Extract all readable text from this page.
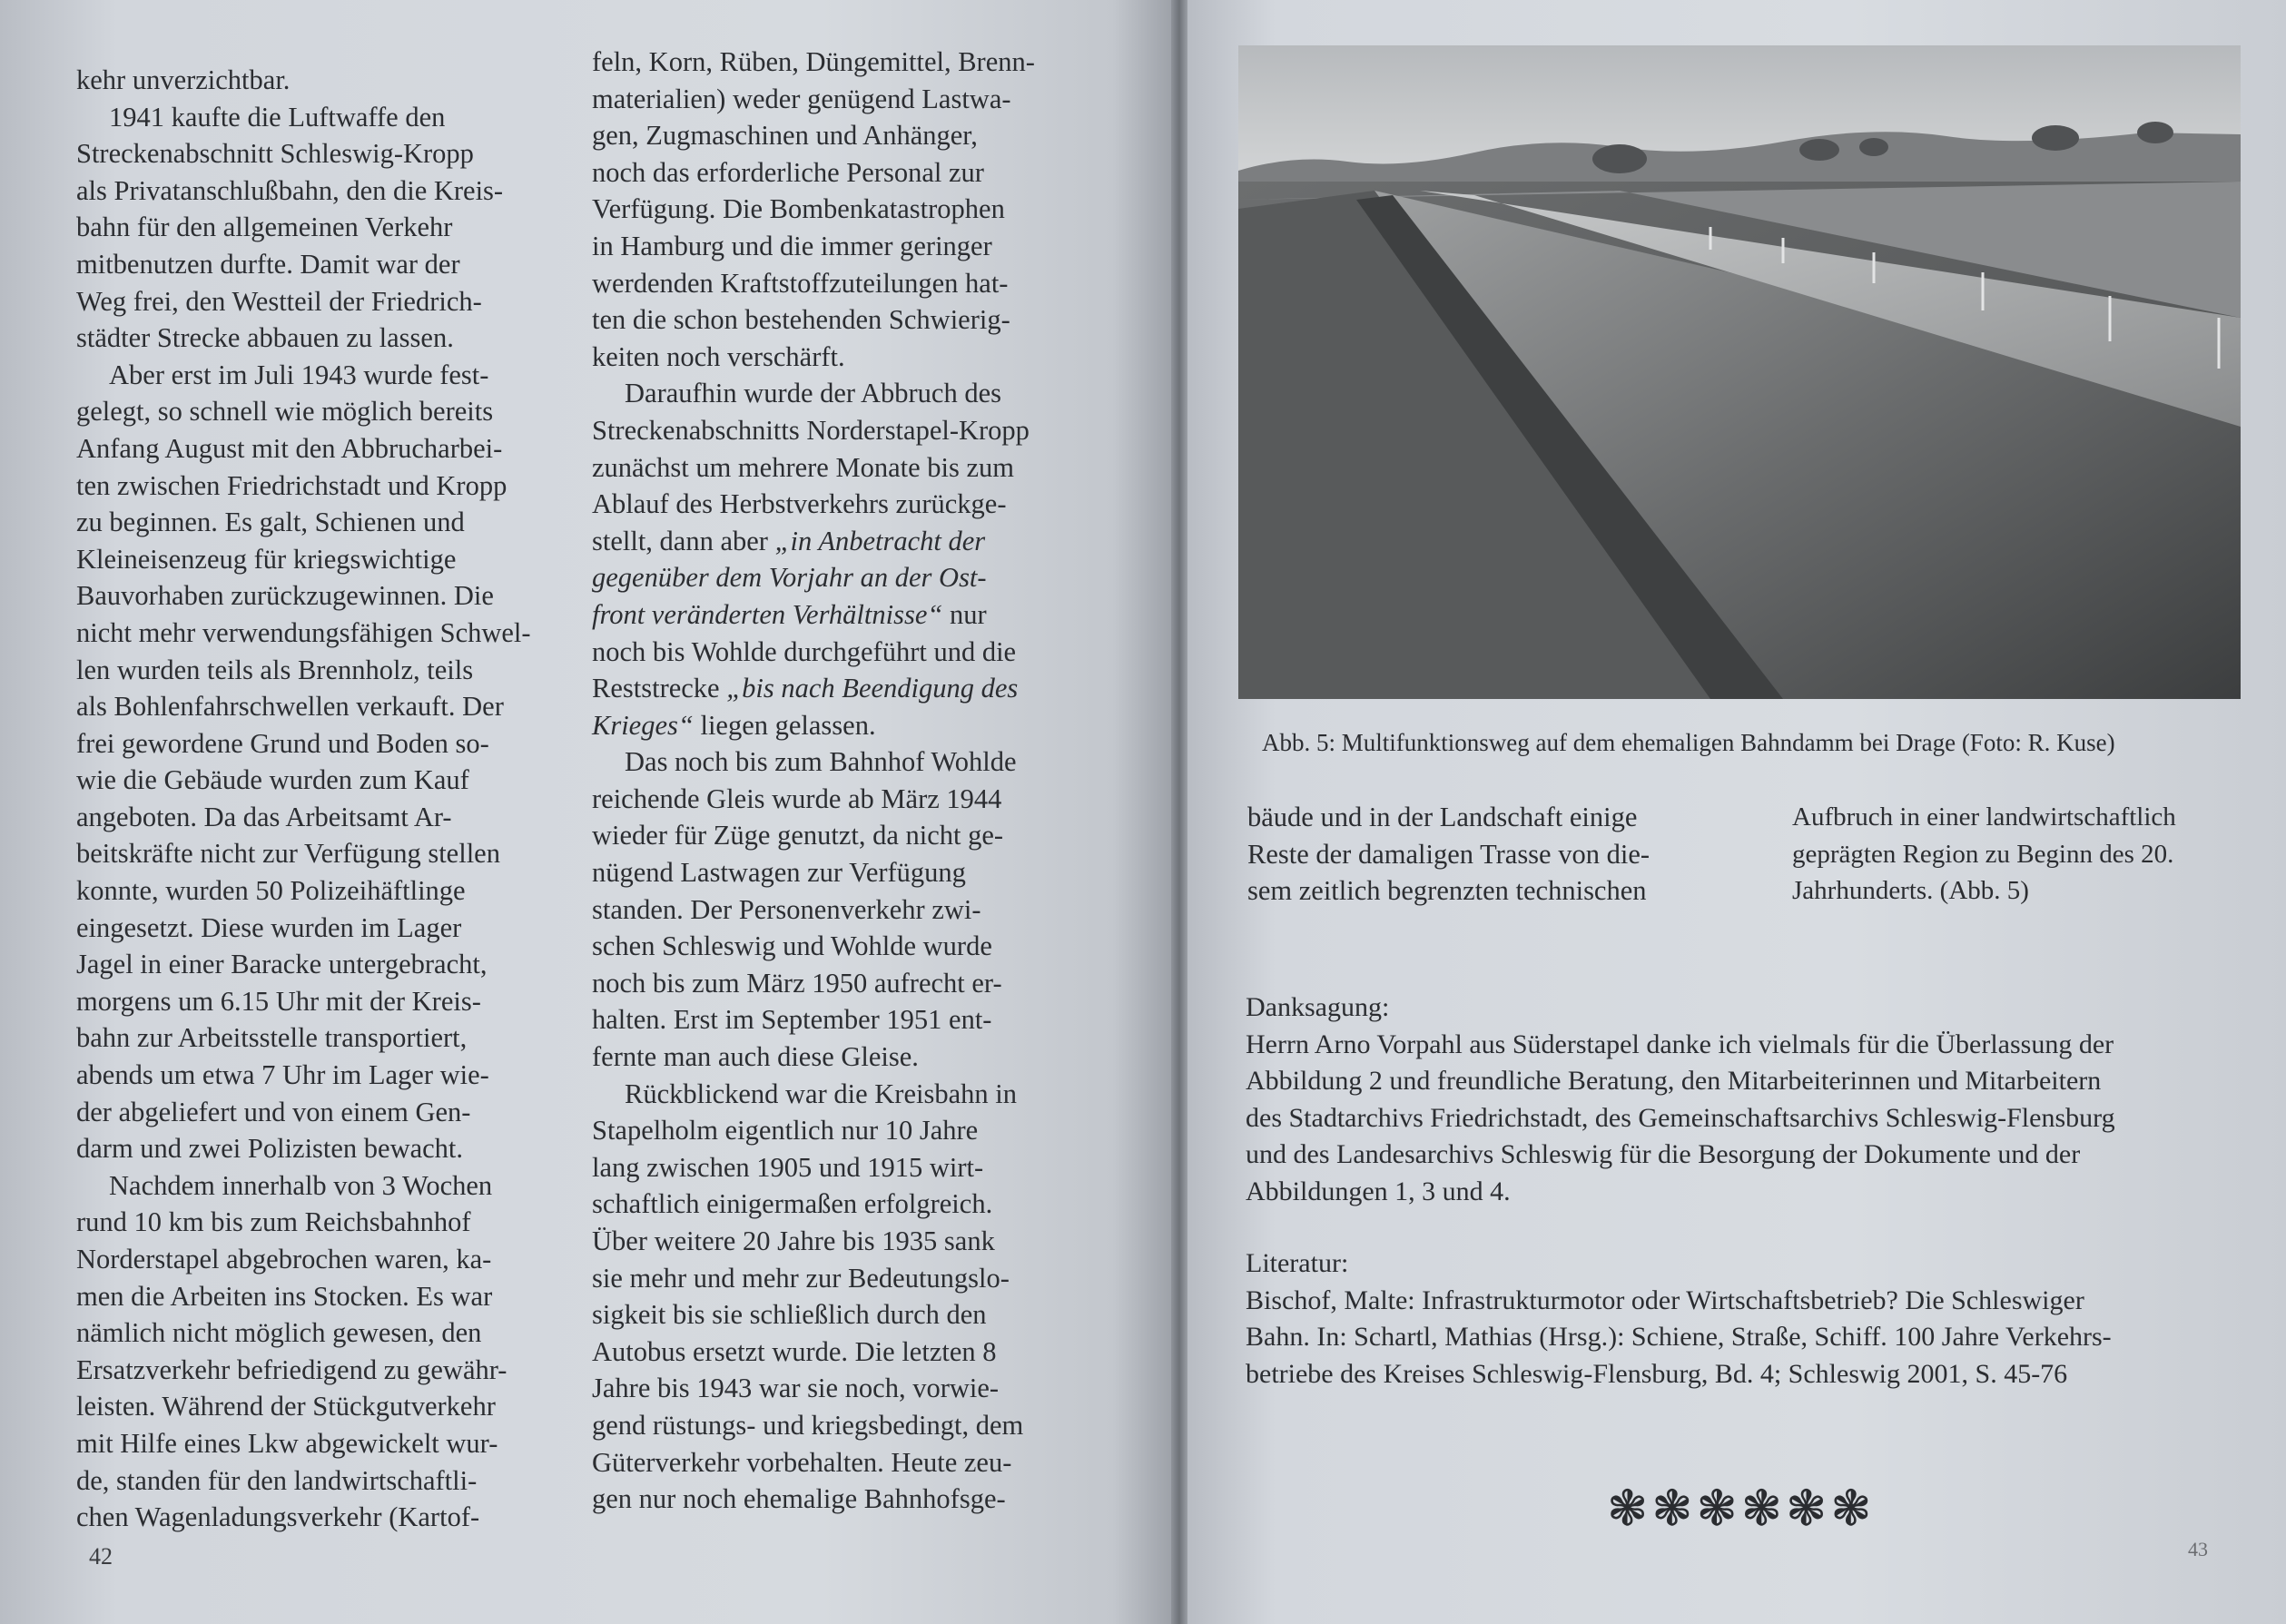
kehr unverzichtbar.
1941 kaufte die Luftwaffe den
Streckenabschnitt Schleswig-Kropp
als Privatanschlußbahn, den die Kreis-
bahn für den allgemeinen Verkehr
mitbenutzen durfte. Damit war der
Weg frei, den Westteil der Friedrich-
städter Strecke abbauen zu lassen.
Aber erst im Juli 1943 wurde fest-
gelegt, so schnell wie möglich bereits
Anfang August mit den Abbrucharbei-
ten zwischen Friedrichstadt und Kropp
zu beginnen. Es galt, Schienen und
Kleineisenzeug für kriegswichtige
Bauvorhaben zurückzugewinnen. Die
nicht mehr verwendungsfähigen Schwel-
len wurden teils als Brennholz, teils
als Bohlenfahrschwellen verkauft. Der
frei gewordene Grund und Boden so-
wie die Gebäude wurden zum Kauf
angeboten. Da das Arbeitsamt Ar-
beitskräfte nicht zur Verfügung stellen
konnte, wurden 50 Polizeihäftlinge
eingesetzt. Diese wurden im Lager
Jagel in einer Baracke untergebracht,
morgens um 6.15 Uhr mit der Kreis-
bahn zur Arbeitsstelle transportiert,
abends um etwa 7 Uhr im Lager wie-
der abgeliefert und von einem Gen-
darm und zwei Polizisten bewacht.
Nachdem innerhalb von 3 Wochen
rund 10 km bis zum Reichsbahnhof
Norderstapel abgebrochen waren, ka-
men die Arbeiten ins Stocken. Es war
nämlich nicht möglich gewesen, den
Ersatzverkehr befriedigend zu gewähr-
leisten. Während der Stückgutverkehr
mit Hilfe eines Lkw abgewickelt wur-
de, standen für den landwirtschaftli-
chen Wagenladungsverkehr (Kartof-
feln, Korn, Rüben, Düngemittel, Brenn-
materialien) weder genügend Lastwa-
gen, Zugmaschinen und Anhänger,
noch das erforderliche Personal zur
Verfügung. Die Bombenkatastrophen
in Hamburg und die immer geringer
werdenden Kraftstoffzuteilungen hat-
ten die schon bestehenden Schwierig-
keiten noch verschärft.
Daraufhin wurde der Abbruch des
Streckenabschnitts Norderstapel-Kropp
zunächst um mehrere Monate bis zum
Ablauf des Herbstverkehrs zurückge-
stellt, dann aber „in Anbetracht der
gegenüber dem Vorjahr an der Ost-
front veränderten Verhältnisse“ nur
noch bis Wohlde durchgeführt und die
Reststrecke „bis nach Beendigung des
Krieges“ liegen gelassen.
Das noch bis zum Bahnhof Wohlde
reichende Gleis wurde ab März 1944
wieder für Züge genutzt, da nicht ge-
nügend Lastwagen zur Verfügung
standen. Der Personenverkehr zwi-
schen Schleswig und Wohlde wurde
noch bis zum März 1950 aufrecht er-
halten. Erst im September 1951 ent-
fernte man auch diese Gleise.
Rückblickend war die Kreisbahn in
Stapelholm eigentlich nur 10 Jahre
lang zwischen 1905 und 1915 wirt-
schaftlich einigermaßen erfolgreich.
Über weitere 20 Jahre bis 1935 sank
sie mehr und mehr zur Bedeutungslo-
sigkeit bis sie schließlich durch den
Autobus ersetzt wurde. Die letzten 8
Jahre bis 1943 war sie noch, vorwie-
gend rüstungs- und kriegsbedingt, dem
Güterverkehr vorbehalten. Heute zeu-
gen nur noch ehemalige Bahnhofsge-
42
Abb. 5: Multifunktionsweg auf dem ehemaligen Bahndamm bei Drage (Foto: R. Kuse)
bäude und in der Landschaft einige
Reste der damaligen Trasse von die-
sem zeitlich begrenzten technischen
Aufbruch in einer landwirtschaftlich
geprägten Region zu Beginn des 20.
Jahrhunderts. (Abb. 5)
Danksagung:
Herrn Arno Vorpahl aus Süderstapel danke ich vielmals für die Überlassung der
Abbildung 2 und freundliche Beratung, den Mitarbeiterinnen und Mitarbeitern
des Stadtarchivs Friedrichstadt, des Gemeinschaftsarchivs Schleswig-Flensburg
und des Landesarchivs Schleswig für die Besorgung der Dokumente und der
Abbildungen 1, 3 und 4.
Literatur:
Bischof, Malte: Infrastrukturmotor oder Wirtschaftsbetrieb? Die Schleswiger
Bahn. In: Schartl, Mathias (Hrsg.): Schiene, Straße, Schiff. 100 Jahre Verkehrs-
betriebe des Kreises Schleswig-Flensburg, Bd. 4; Schleswig 2001, S. 45-76
❃❃❃❃❃❃
43
